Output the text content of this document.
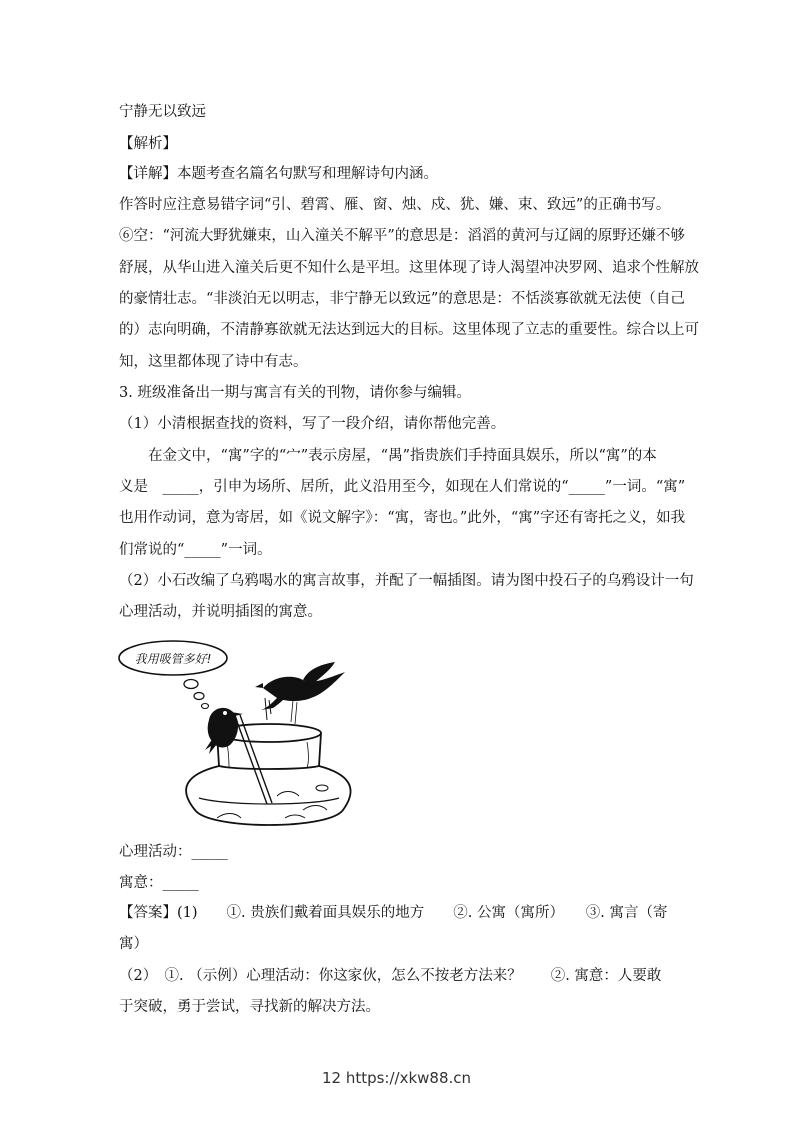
宁静无以致远
【解析】
【详解】本题考查名篇名句默写和理解诗句内涵。
作答时应注意易错字词“引、碧霄、雁、窗、烛、戍、犹、嫌、束、致远”的正确书写。
⑥空：“河流大野犹嫌束，山入潼关不解平”的意思是：滔滔的黄河与辽阔的原野还嫌不够
舒展，从华山进入潼关后更不知什么是平坦。这里体现了诗人渴望冲决罗网、追求个性解放
的豪情壮志。“非淡泊无以明志，非宁静无以致远”的意思是：不恬淡寡欲就无法使（自己
的）志向明确，不清静寡欲就无法达到远大的目标。这里体现了立志的重要性。综合以上可
知，这里都体现了诗中有志。
3. 班级准备出一期与寓言有关的刊物，请你参与编辑。
（1）小清根据查找的资料，写了一段介绍，请你帮他完善。
在金文中，“寓”字的“宀”表示房屋，“禺”指贵族们手持面具娱乐，所以“寓”的本
义是　_____，引申为场所、居所，此义沿用至今，如现在人们常说的“_____”一词。“寓”
也用作动词，意为寄居，如《说文解字》：“寓，寄也。”此外，“寓”字还有寄托之义，如我
们常说的“_____”一词。
（2）小石改编了乌鸦喝水的寓言故事，并配了一幅插图。请为图中投石子的乌鸦设计一句
心理活动，并说明插图的寓意。
我用吸管多好!
心理活动：_____
寓意：_____
【答案】(1)　　①. 贵族们戴着面具娱乐的地方　　②. 公寓（寓所）　　③. 寓言（寄
寓）
（2）　①. （示例）心理活动：你这家伙，怎么不按老方法来？　　②. 寓意：人要敢
于突破，勇于尝试，寻找新的解决方法。
12 https://xkw88.cn
